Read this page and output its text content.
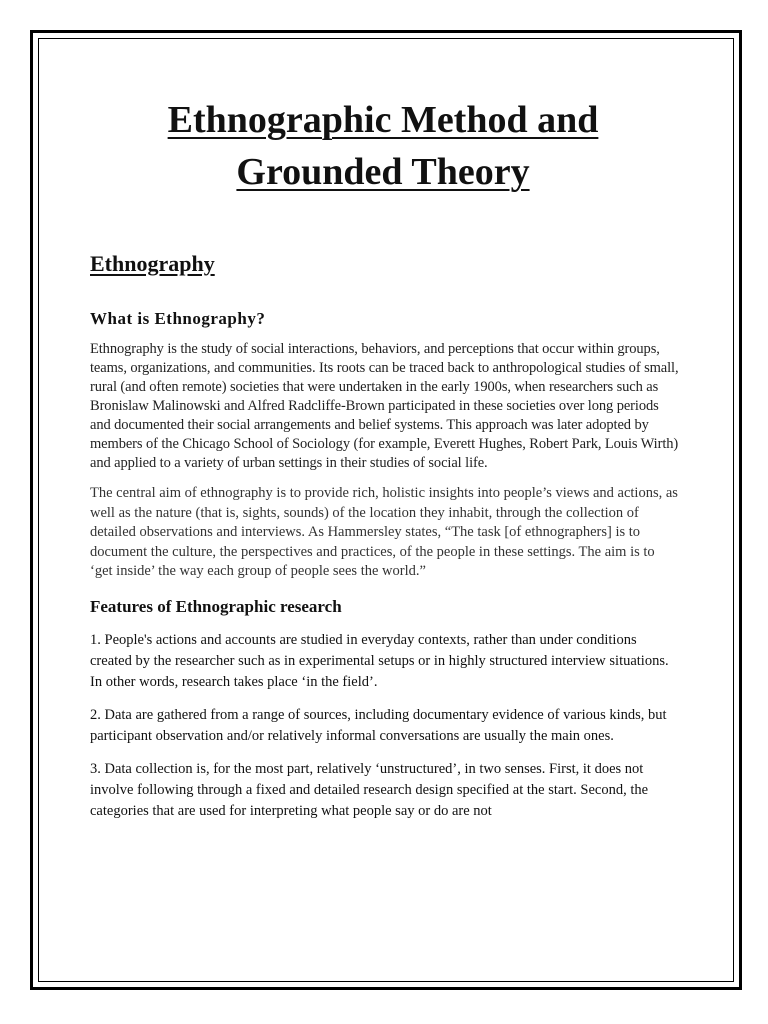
Ethnographic Method and
Grounded Theory
Ethnography
What is Ethnography?

Ethnography is the study of social interactions, behaviors, and perceptions that occur within groups, teams, organizations, and communities. Its roots can be traced back to anthropological studies of small, rural (and often remote) societies that were undertaken in the early 1900s, when researchers such as Bronislaw Malinowski and Alfred Radcliffe-Brown participated in these societies over long periods and documented their social arrangements and belief systems. This approach was later adopted by members of the Chicago School of Sociology (for example, Everett Hughes, Robert Park, Louis Wirth) and applied to a variety of urban settings in their studies of social life.

The central aim of ethnography is to provide rich, holistic insights into people’s views and actions, as well as the nature (that is, sights, sounds) of the location they inhabit, through the collection of detailed observations and interviews. As Hammersley states, “The task [of ethnographers] is to document the culture, the perspectives and practices, of the people in these settings. The aim is to ‘get inside’ the way each group of people sees the world.”

Features of Ethnographic research

1. People's actions and accounts are studied in everyday contexts, rather than under conditions created by the researcher such as in experimental setups or in highly structured interview situations. In other words, research takes place ‘in the field’.

2. Data are gathered from a range of sources, including documentary evidence of various kinds, but participant observation and/or relatively informal conversations are usually the main ones.

3. Data collection is, for the most part, relatively ‘unstructured’, in two senses. First, it does not involve following through a fixed and detailed research design specified at the start. Second, the categories that are used for interpreting what people say or do are not
